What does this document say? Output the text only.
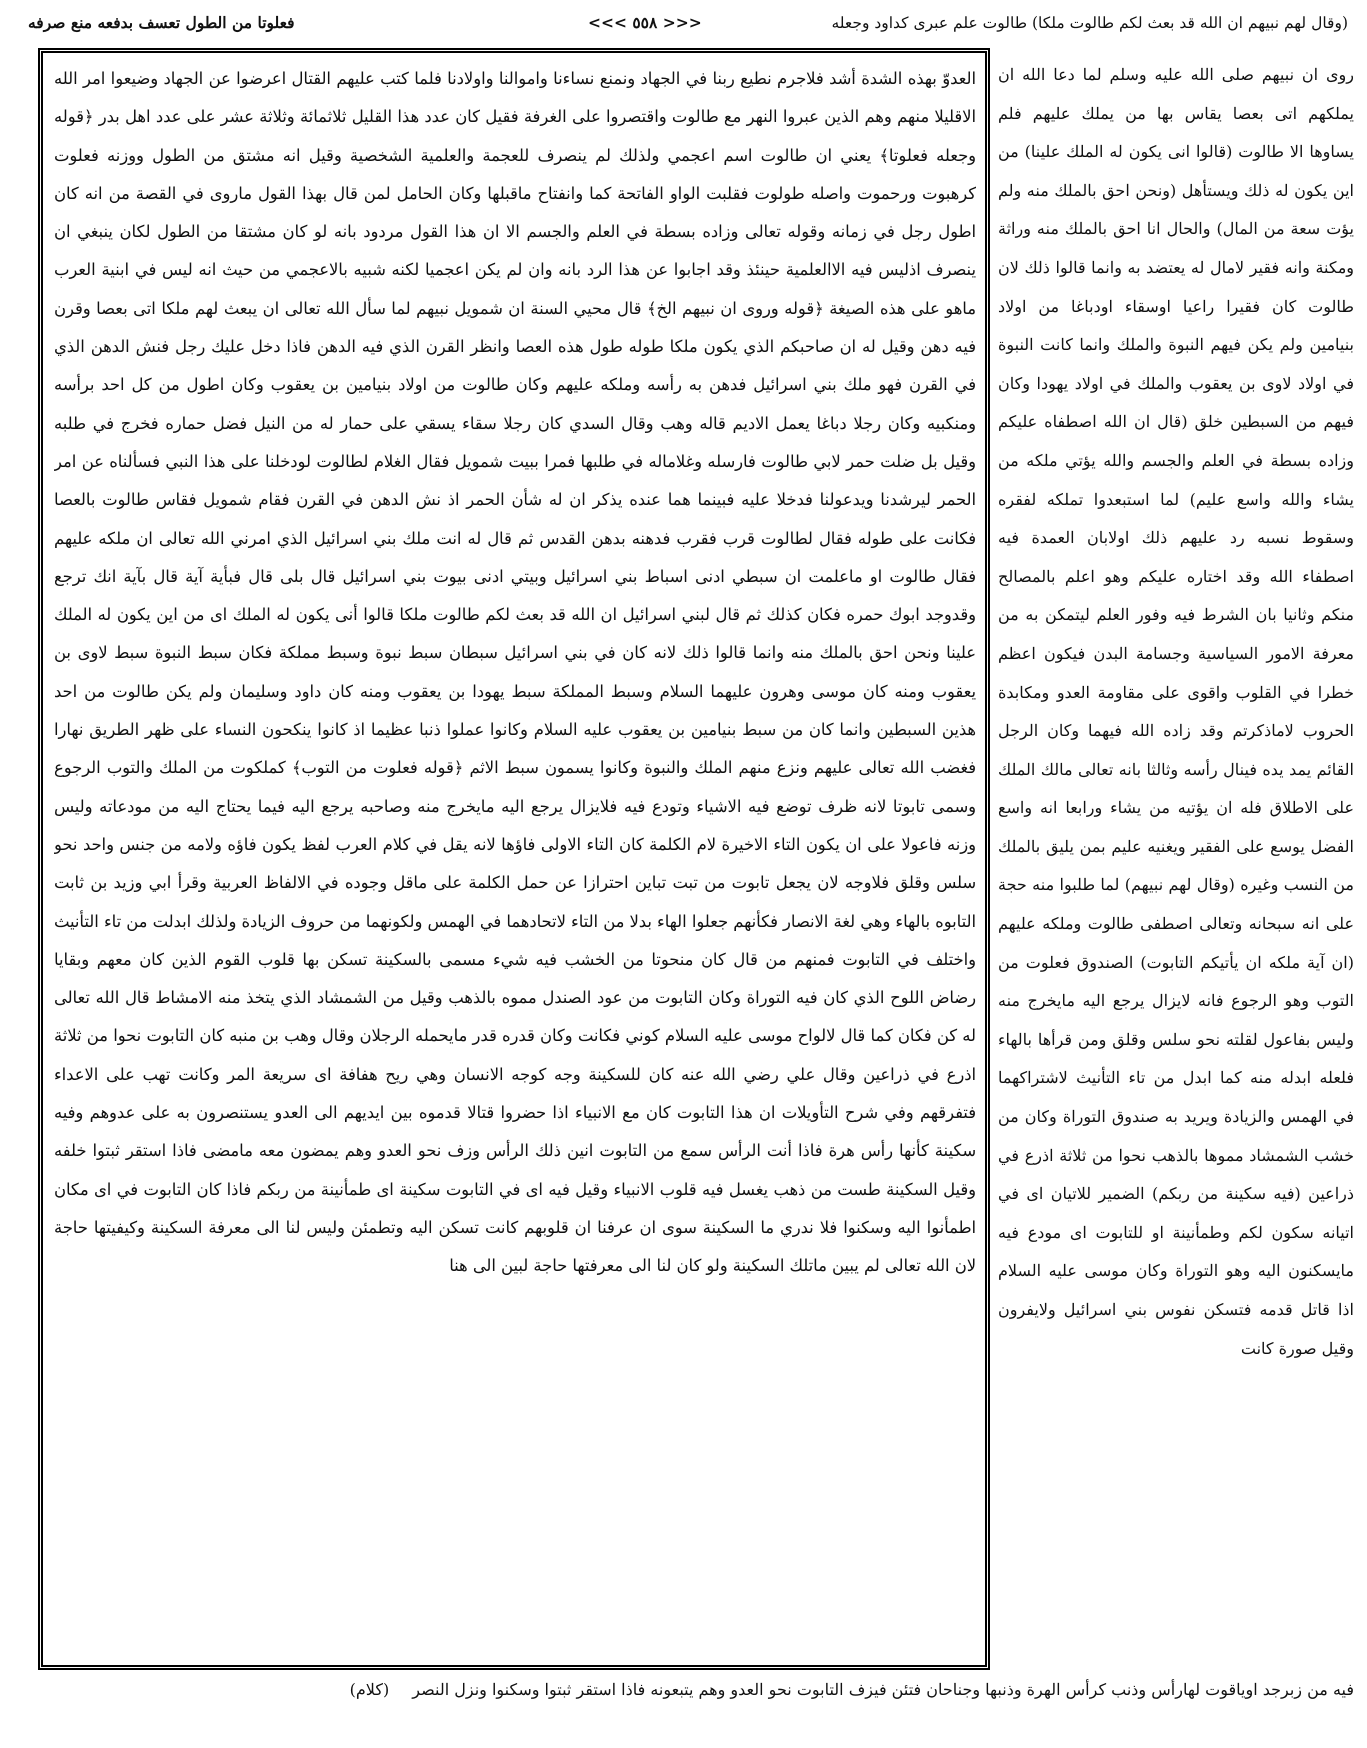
(وقال لهم نبيهم ان الله قد بعث لكم طالوت ملكا) طالوت علم عبرى كداود وجعله
<<< ٥٥٨ >>>
فعلوتا من الطول تعسف بدفعه منع صرفه

العدوّ بهذه الشدة أشد فلاجرم نطيع ربنا في الجهاد ونمنع نساءنا واموالنا واولادنا فلما كتب عليهم القتال اعرضوا عن الجهاد وضيعوا امر الله الاقليلا منهم وهم الذين عبروا النهر مع طالوت واقتصروا على الغرفة فقيل كان عدد هذا القليل ثلاثمائة وثلاثة عشر على عدد اهل بدر ﴿قوله وجعله فعلوتا﴾ يعني ان طالوت اسم اعجمي ولذلك لم ينصرف للعجمة والعلمية الشخصية وقيل انه مشتق من الطول ووزنه فعلوت كرهبوت ورحموت واصله طولوت فقلبت الواو الفاتحة كما وانفتاح ماقبلها وكان الحامل لمن قال بهذا القول ماروى في القصة من انه كان اطول رجل في زمانه وقوله تعالى وزاده بسطة في العلم والجسم الا ان هذا القول مردود بانه لو كان مشتقا من الطول لكان ينبغي ان ينصرف اذليس فيه الاالعلمية حينئذ وقد اجابوا عن هذا الرد بانه وان لم يكن اعجميا لكنه شبيه بالاعجمي من حيث انه ليس في ابنية العرب ماهو على هذه الصيغة ﴿قوله وروى ان نبيهم الخ﴾ قال محيي السنة ان شمويل نبيهم لما سأل الله تعالى ان يبعث لهم ملكا اتى بعصا وقرن فيه دهن وقيل له ان صاحبكم الذي يكون ملكا طوله طول هذه العصا وانظر القرن الذي فيه الدهن فاذا دخل عليك رجل فنش الدهن الذي في القرن فهو ملك بني اسرائيل فدهن به رأسه وملكه عليهم وكان طالوت من اولاد بنيامين بن يعقوب وكان اطول من كل احد برأسه ومنكبيه وكان رجلا دباغا يعمل الاديم قاله وهب وقال السدي كان رجلا سقاء يسقي على حمار له من النيل فضل حماره فخرج في طلبه وقيل بل ضلت حمر لابي طالوت فارسله وغلاماله في طلبها فمرا ببيت شمويل فقال الغلام لطالوت لودخلنا على هذا النبي فسألناه عن امر الحمر ليرشدنا ويدعولنا فدخلا عليه فبينما هما عنده يذكر ان له شأن الحمر اذ نش الدهن في القرن فقام شمويل فقاس طالوت بالعصا فكانت على طوله فقال لطالوت قرب فقرب فدهنه بدهن القدس ثم قال له انت ملك بني اسرائيل الذي امرني الله تعالى ان ملكه عليهم فقال طالوت او ماعلمت ان سبطي ادنى اسباط بني اسرائيل وبيتي ادنى بيوت بني اسرائيل قال بلى قال فبأية آية قال بآية انك ترجع وقدوجد ابوك حمره فكان كذلك ثم قال لبني اسرائيل ان الله قد بعث لكم طالوت ملكا قالوا أنى يكون له الملك اى من اين يكون له الملك علينا ونحن احق بالملك منه وانما قالوا ذلك لانه كان في بني اسرائيل سبطان سبط نبوة وسبط مملكة فكان سبط النبوة سبط لاوى بن يعقوب ومنه كان موسى وهرون عليهما السلام وسبط المملكة سبط يهودا بن يعقوب ومنه كان داود وسليمان ولم يكن طالوت من احد هذين السبطين وانما كان من سبط بنيامين بن يعقوب عليه السلام وكانوا عملوا ذنبا عظيما اذ كانوا ينكحون النساء على ظهر الطريق نهارا فغضب الله تعالى عليهم ونزع منهم الملك والنبوة وكانوا يسمون سبط الاثم ﴿قوله فعلوت من التوب﴾ كملكوت من الملك والتوب الرجوع وسمى تابوتا لانه ظرف توضع فيه الاشياء وتودع فيه فلايزال يرجع اليه مايخرج منه وصاحبه يرجع اليه فيما يحتاج اليه من مودعاته وليس وزنه فاعولا على ان يكون التاء الاخيرة لام الكلمة كان التاء الاولى فاؤها لانه يقل في كلام العرب لفظ يكون فاؤه ولامه من جنس واحد نحو سلس وقلق فلاوجه لان يجعل تابوت من تبت تباين احترازا عن حمل الكلمة على ماقل وجوده في الالفاظ العربية وقرأ ابي وزيد بن ثابت التابوه بالهاء وهي لغة الانصار فكأنهم جعلوا الهاء بدلا من التاء لاتحادهما في الهمس ولكونهما من حروف الزيادة ولذلك ابدلت من تاء التأنيث واختلف في التابوت فمنهم من قال كان منحوتا من الخشب فيه شيء مسمى بالسكينة تسكن بها قلوب القوم الذين كان معهم وبقايا رضاض اللوح الذي كان فيه التوراة وكان التابوت من عود الصندل مموه بالذهب وقيل من الشمشاد الذي يتخذ منه الامشاط قال الله تعالى له كن فكان كما قال لالواح موسى عليه السلام كوني فكانت وكان قدره قدر مايحمله الرجلان وقال وهب بن منبه كان التابوت نحوا من ثلاثة اذرع في ذراعين وقال علي رضي الله عنه كان للسكينة وجه كوجه الانسان وهي ريح هفافة اى سريعة المر وكانت تهب على الاعداء فتفرقهم وفي شرح التأويلات ان هذا التابوت كان مع الانبياء اذا حضروا قتالا قدموه بين ايديهم الى العدو يستنصرون به على عدوهم وفيه سكينة كأنها رأس هرة فاذا أنت الرأس سمع من التابوت انين ذلك الرأس وزف نحو العدو وهم يمضون معه مامضى فاذا استقر ثبتوا خلفه وقيل السكينة طست من ذهب يغسل فيه قلوب الانبياء وقيل فيه اى في التابوت سكينة اى طمأنينة من ربكم فاذا كان التابوت في اى مكان اطمأنوا اليه وسكنوا فلا ندري ما السكينة سوى ان عرفنا ان قلوبهم كانت تسكن اليه وتطمئن وليس لنا الى معرفة السكينة وكيفيتها حاجة لان الله تعالى لم يبين ماتلك السكينة ولو كان لنا الى معرفتها حاجة لبين الى هنا

روى ان نبيهم صلى الله عليه وسلم لما دعا الله ان يملكهم اتى بعصا يقاس بها من يملك عليهم فلم يساوها الا طالوت (قالوا انى يكون له الملك علينا) من اين يكون له ذلك ويستأهل (ونحن احق بالملك منه ولم يؤت سعة من المال) والحال انا احق بالملك منه وراثة ومكنة وانه فقير لامال له يعتضد به وانما قالوا ذلك لان طالوت كان فقيرا راعيا اوسقاء اودباغا من اولاد بنيامين ولم يكن فيهم النبوة والملك وانما كانت النبوة في اولاد لاوى بن يعقوب والملك في اولاد يهودا وكان فيهم من السبطين خلق (قال ان الله اصطفاه عليكم وزاده بسطة في العلم والجسم والله يؤتي ملكه من يشاء والله واسع عليم) لما استبعدوا تملكه لفقره وسقوط نسبه رد عليهم ذلك اولابان العمدة فيه اصطفاء الله وقد اختاره عليكم وهو اعلم بالمصالح منكم وثانيا بان الشرط فيه وفور العلم ليتمكن به من معرفة الامور السياسية وجسامة البدن فيكون اعظم خطرا في القلوب واقوى على مقاومة العدو ومكابدة الحروب لاماذكرتم وقد زاده الله فيهما وكان الرجل القائم يمد يده فينال رأسه وثالثا بانه تعالى مالك الملك على الاطلاق فله ان يؤتيه من يشاء ورابعا انه واسع الفضل يوسع على الفقير ويغنيه عليم بمن يليق بالملك من النسب وغيره (وقال لهم نبيهم) لما طلبوا منه حجة على انه سبحانه وتعالى اصطفى طالوت وملكه عليهم (ان آية ملكه ان يأتيكم التابوت) الصندوق فعلوت من التوب وهو الرجوع فانه لايزال يرجع اليه مايخرج منه وليس بفاعول لقلته نحو سلس وقلق ومن قرأها بالهاء فلعله ابدله منه كما ابدل من تاء التأنيث لاشتراكهما في الهمس والزيادة ويريد به صندوق التوراة وكان من خشب الشمشاد مموها بالذهب نحوا من ثلاثة اذرع في ذراعين (فيه سكينة من ربكم) الضمير للاتيان اى في اتيانه سكون لكم وطمأنينة او للتابوت اى مودع فيه مايسكنون اليه وهو التوراة وكان موسى عليه السلام اذا قاتل قدمه فتسكن نفوس بني اسرائيل ولايفرون وقيل صورة كانت

فيه من زبرجد اوياقوت لهارأس وذنب كرأس الهرة وذنبها وجناحان فتئن فيزف التابوت نحو العدو وهم يتبعونه فاذا استقر ثبتوا وسكنوا ونزل النصر (كلام)
